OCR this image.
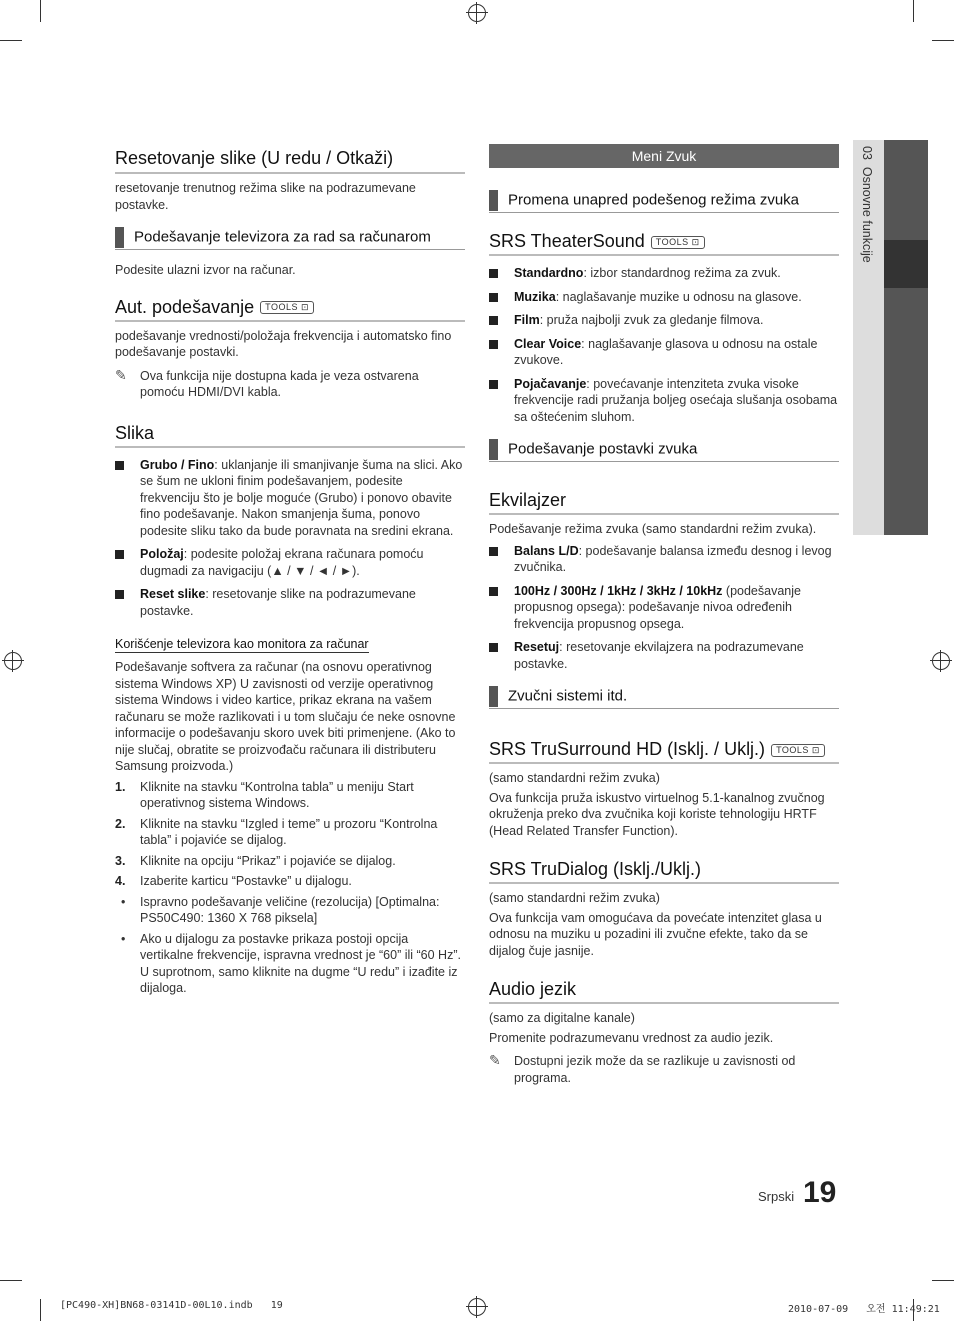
03  Osnovne funkcije
Resetovanje slike (U redu / Otkaži)
resetovanje trenutnog režima slike na podrazumevane postavke.
Podešavanje televizora za rad sa računarom
Podesite ulazni izvor na računar.
Aut. podešavanje TOOLS ⊡
podešavanje vrednosti/položaja frekvencija i automatsko fino podešavanje postavki.
✎ Ova funkcija nije dostupna kada je veza ostvarena pomoću HDMI/DVI kabla.
Slika
Grubo / Fino: uklanjanje ili smanjivanje šuma na slici. Ako se šum ne ukloni finim podešavanjem, podesite frekvenciju što je bolje moguće (Grubo) i ponovo obavite fino podešavanje. Nakon smanjenja šuma, ponovo podesite sliku tako da bude poravnata na sredini ekrana.
Položaj: podesite položaj ekrana računara pomoću dugmadi za navigaciju (▲ / ▼ / ◄ / ►).
Reset slike: resetovanje slike na podrazumevane postavke.
Korišćenje televizora kao monitora za računar
Podešavanje softvera za računar (na osnovu operativnog sistema Windows XP) U zavisnosti od verzije operativnog sistema Windows i video kartice, prikaz ekrana na vašem računaru se može razlikovati i u tom slučaju će neke osnovne informacije o podešavanju skoro uvek biti primenjene. (Ako to nije slučaj, obratite se proizvođaču računara ili distributeru Samsung proizvoda.)
1. Kliknite na stavku “Kontrolna tabla” u meniju Start operativnog sistema Windows.
2. Kliknite na stavku “Izgled i teme” u prozoru “Kontrolna tabla” i pojaviće se dijalog.
3. Kliknite na opciju “Prikaz” i pojaviće se dijalog.
4. Izaberite karticu “Postavke” u dijalogu.
• Ispravno podešavanje veličine (rezolucija) [Optimalna: PS50C490: 1360 X 768 piksela]
• Ako u dijalogu za postavke prikaza postoji opcija vertikalne frekvencije, ispravna vrednost je “60” ili “60 Hz”. U suprotnom, samo kliknite na dugme “U redu” i izađite iz dijaloga.
Meni Zvuk
Promena unapred podešenog režima zvuka
SRS TheaterSound TOOLS ⊡
Standardno: izbor standardnog režima za zvuk.
Muzika: naglašavanje muzike u odnosu na glasove.
Film: pruža najbolji zvuk za gledanje filmova.
Clear Voice: naglašavanje glasova u odnosu na ostale zvukove.
Pojačavanje: povećavanje intenziteta zvuka visoke frekvencije radi pružanja boljeg osećaja slušanja osobama sa oštećenim sluhom.
Podešavanje postavki zvuka
Ekvilajzer
Podešavanje režima zvuka (samo standardni režim zvuka).
Balans L/D: podešavanje balansa između desnog i levog zvučnika.
100Hz / 300Hz / 1kHz / 3kHz / 10kHz (podešavanje propusnog opsega): podešavanje nivoa određenih frekvencija propusnog opsega.
Resetuj: resetovanje ekvilajzera na podrazumevane postavke.
Zvučni sistemi itd.
SRS TruSurround HD (Isklj. / Uklj.) TOOLS ⊡
(samo standardni režim zvuka)
Ova funkcija pruža iskustvo virtuelnog 5.1-kanalnog zvučnog okruženja preko dva zvučnika koji koriste tehnologiju HRTF (Head Related Transfer Function).
SRS TruDialog (Isklj./Uklj.)
(samo standardni režim zvuka)
Ova funkcija vam omogućava da povećate intenzitet glasa u odnosu na muziku u pozadini ili zvučne efekte, tako da se dijalog čuje jasnije.
Audio jezik
(samo za digitalne kanale)
Promenite podrazumevanu vrednost za audio jezik.
✎ Dostupni jezik može da se razlikuje u zavisnosti od programa.
Srpski 19
[PC490-XH]BN68-03141D-00L10.indb   19	2010-07-09   오전 11:49:21
